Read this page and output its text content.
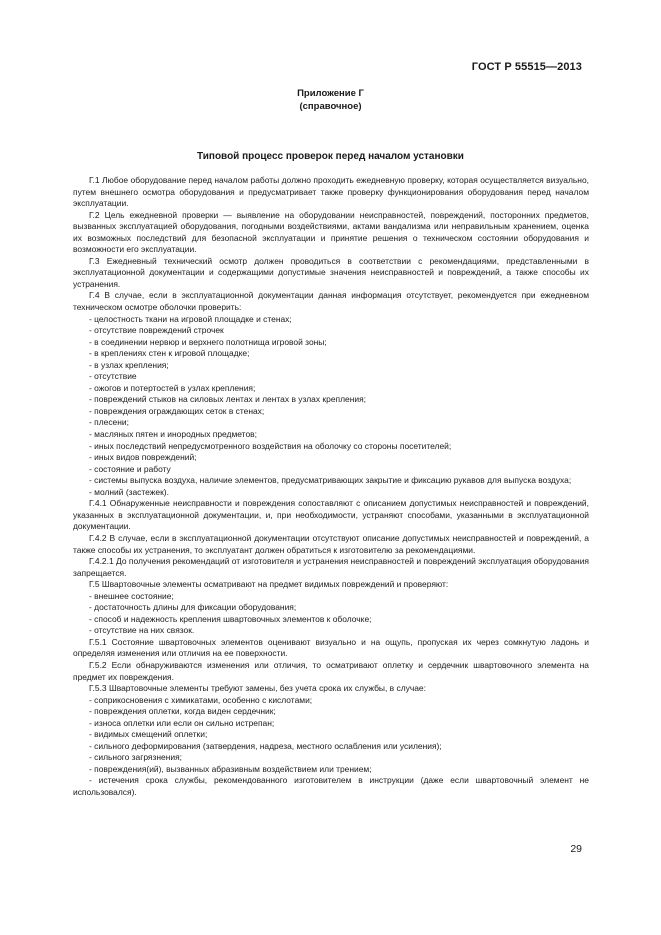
ГОСТ Р 55515—2013
Приложение Г
(справочное)
Типовой процесс проверок перед началом установки

Г.1 Любое оборудование перед началом работы должно проходить ежедневную проверку, которая осуществляется визуально, путем внешнего осмотра оборудования и предусматривает также проверку функционирования оборудования перед началом эксплуатации.

Г.2 Цель ежедневной проверки — выявление на оборудовании неисправностей, повреждений, посторонних предметов, вызванных эксплуатацией оборудования, погодными воздействиями, актами вандализма или неправильным хранением, оценка их возможных последствий для безопасной эксплуатации и принятие решения о техническом состоянии оборудования и возможности его эксплуатации.

Г.3 Ежедневный технический осмотр должен проводиться в соответствии с рекомендациями, представленными в эксплуатационной документации и содержащими допустимые значения неисправностей и повреждений, а также способы их устранения.

Г.4 В случае, если в эксплуатационной документации данная информация отсутствует, рекомендуется при ежедневном техническом осмотре оболочки проверить:

- целостность ткани на игровой площадке и стенах;

- отсутствие повреждений строчек

- в соединении нервюр и верхнего полотнища игровой зоны;

- в креплениях стен к игровой площадке;

- в узлах крепления;

- отсутствие

- ожогов и потертостей в узлах крепления;

- повреждений стыков на силовых лентах и лентах в узлах крепления;

- повреждения ограждающих сеток в стенах;

- плесени;

- масляных пятен и инородных предметов;

- иных последствий непредусмотренного воздействия на оболочку со стороны посетителей;

- иных видов повреждений;

- состояние и работу

- системы выпуска воздуха, наличие элементов, предусматривающих закрытие и фиксацию рукавов для выпуска воздуха;

- молний (застежек).

Г.4.1 Обнаруженные неисправности и повреждения сопоставляют с описанием допустимых неисправностей и повреждений, указанных в эксплуатационной документации, и, при необходимости, устраняют способами, указанными в эксплуатационной документации.

Г.4.2 В случае, если в эксплуатационной документации отсутствуют описание допустимых неисправностей и повреждений, а также способы их устранения, то эксплуатант должен обратиться к изготовителю за рекомендациями.

Г.4.2.1 До получения рекомендаций от изготовителя и устранения неисправностей и повреждений эксплуатация оборудования запрещается.

Г.5 Швартовочные элементы осматривают на предмет видимых повреждений и проверяют:

- внешнее состояние;

- достаточность длины для фиксации оборудования;

- способ и надежность крепления швартовочных элементов к оболочке;

- отсутствие на них связок.

Г.5.1 Состояние швартовочных элементов оценивают визуально и на ощупь, пропуская их через сомкнутую ладонь и определяя изменения или отличия на ее поверхности.

Г.5.2 Если обнаруживаются изменения или отличия, то осматривают оплетку и сердечник швартовочного элемента на предмет их повреждения.

Г.5.3 Швартовочные элементы требуют замены, без учета срока их службы, в случае:

- соприкосновения с химикатами, особенно с кислотами;

- повреждения оплетки, когда виден сердечник;

- износа оплетки или если он сильно истрепан;

- видимых смещений оплетки;

- сильного деформирования (затвердения, надреза, местного ослабления или усиления);

- сильного загрязнения;

- повреждения(ий), вызванных абразивным воздействием или трением;

- истечения срока службы, рекомендованного изготовителем в инструкции (даже если швартовочный элемент не использовался).

29
